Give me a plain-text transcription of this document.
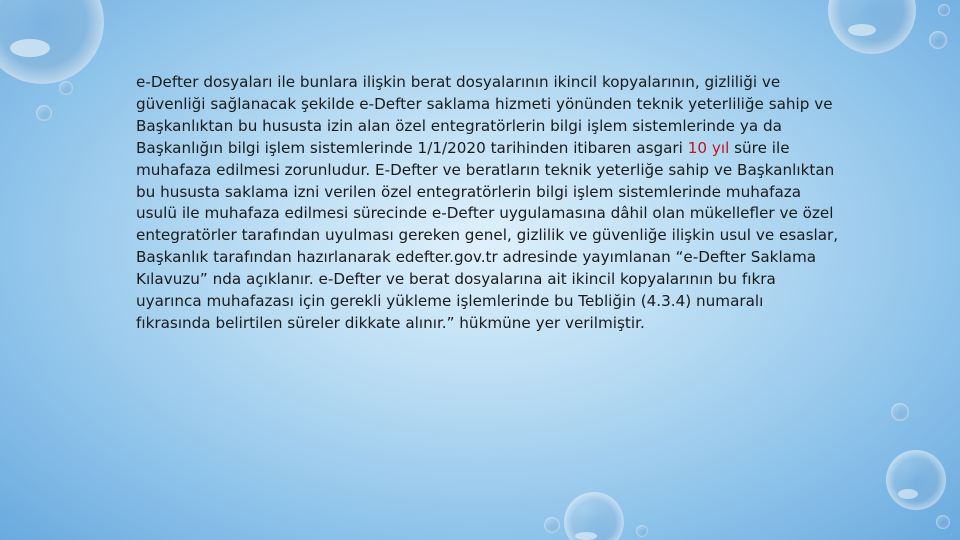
e-Defter dosyaları ile bunlara ilişkin berat dosyalarının ikincil kopyalarının, gizliliği ve güvenliği sağlanacak şekilde e-Defter saklama hizmeti yönünden teknik yeterliliğe sahip ve Başkanlıktan bu hususta izin alan özel entegratörlerin bilgi işlem sistemlerinde ya da Başkanlığın bilgi işlem sistemlerinde 1/1/2020 tarihinden itibaren asgari 10 yıl süre ile muhafaza edilmesi zorunludur. E-Defter ve beratların teknik yeterliğe sahip ve Başkanlıktan bu hususta saklama izni verilen özel entegratörlerin bilgi işlem sistemlerinde muhafaza usulü ile muhafaza edilmesi sürecinde e-Defter uygulamasına dâhil olan mükellefler ve özel entegratörler tarafından uyulması gereken genel, gizlilik ve güvenliğe ilişkin usul ve esaslar, Başkanlık tarafından hazırlanarak edefter.gov.tr adresinde yayımlanan “e-Defter Saklama Kılavuzu” nda açıklanır. e-Defter ve berat dosyalarına ait ikincil kopyalarının bu fıkra uyarınca muhafazası için gerekli yükleme işlemlerinde bu Tebliğin (4.3.4) numaralı fıkrasında belirtilen süreler dikkate alınır.” hükmüne yer verilmiştir.
